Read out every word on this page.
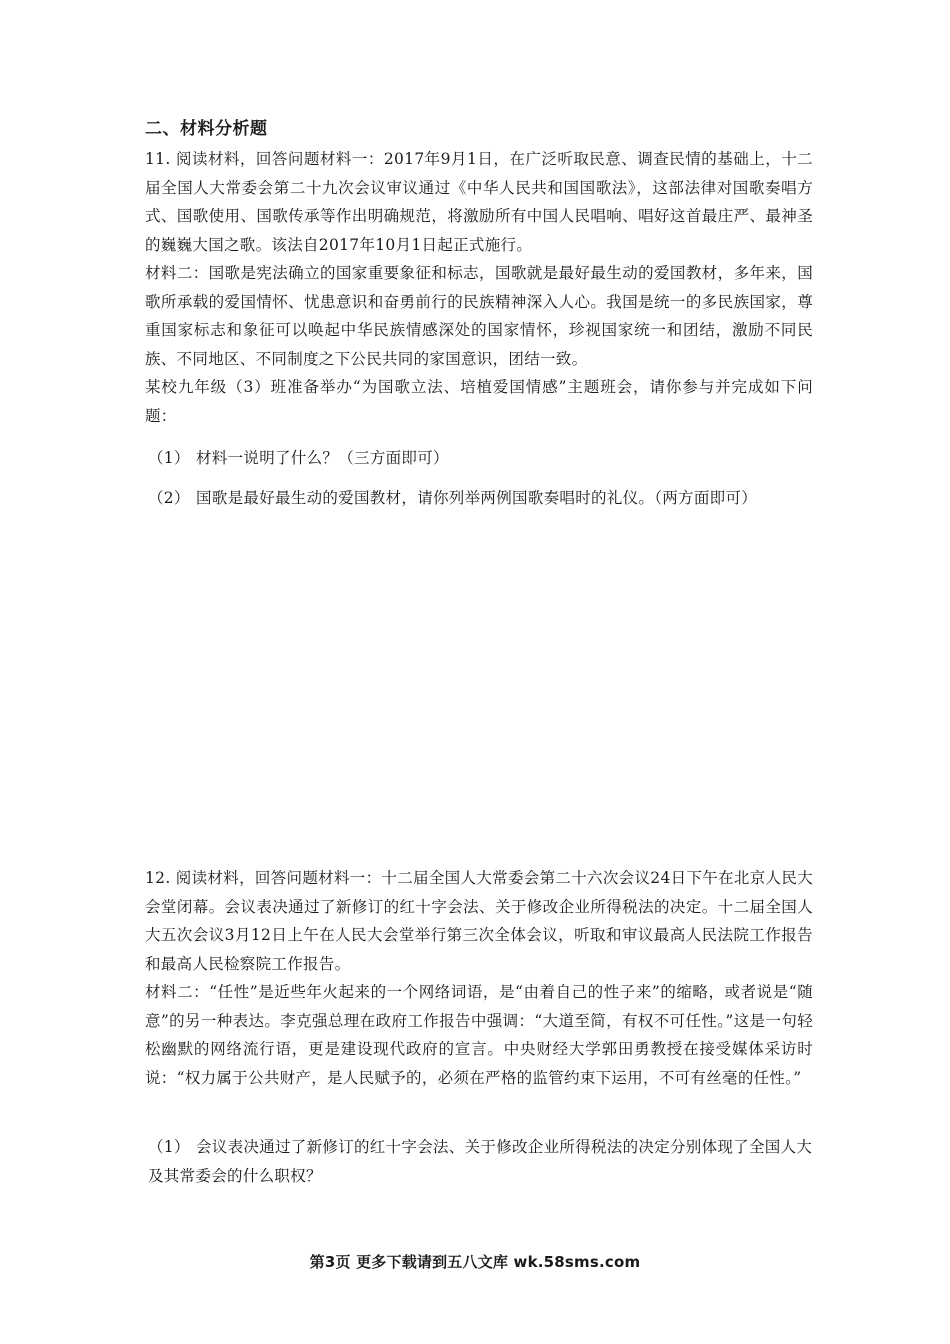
二、材料分析题

11. 阅读材料，回答问题材料一：2017年9月1日，在广泛听取民意、调查民情的基础上，十二届全国人大常委会第二十九次会议审议通过《中华人民共和国国歌法》，这部法律对国歌奏唱方式、国歌使用、国歌传承等作出明确规范，将激励所有中国人民唱响、唱好这首最庄严、最神圣的巍巍大国之歌。该法自2017年10月1日起正式施行。

材料二：国歌是宪法确立的国家重要象征和标志，国歌就是最好最生动的爱国教材，多年来，国歌所承载的爱国情怀、忧患意识和奋勇前行的民族精神深入人心。我国是统一的多民族国家，尊重国家标志和象征可以唤起中华民族情感深处的国家情怀，珍视国家统一和团结，激励不同民族、不同地区、不同制度之下公民共同的家国意识，团结一致。

某校九年级（3）班准备举办“为国歌立法、培植爱国情感”主题班会，请你参与并完成如下问题：

（1） 材料一说明了什么？（三方面即可）
（2） 国歌是最好最生动的爱国教材，请你列举两例国歌奏唱时的礼仪。（两方面即可）

12. 阅读材料，回答问题材料一：十二届全国人大常委会第二十六次会议24日下午在北京人民大会堂闭幕。会议表决通过了新修订的红十字会法、关于修改企业所得税法的决定。十二届全国人大五次会议3月12日上午在人民大会堂举行第三次全体会议，听取和审议最高人民法院工作报告和最高人民检察院工作报告。

材料二：“任性”是近些年火起来的一个网络词语，是“由着自己的性子来”的缩略，或者说是“随意”的另一种表达。李克强总理在政府工作报告中强调：“大道至简，有权不可任性。”这是一句轻松幽默的网络流行语，更是建设现代政府的宣言。中央财经大学郭田勇教授在接受媒体采访时说：“权力属于公共财产，是人民赋予的，必须在严格的监管约束下运用，不可有丝毫的任性。”

（1） 会议表决通过了新修订的红十字会法、关于修改企业所得税法的决定分别体现了全国人大及其常委会的什么职权？
第3页 更多下载请到五八文库 wk.58sms.com
